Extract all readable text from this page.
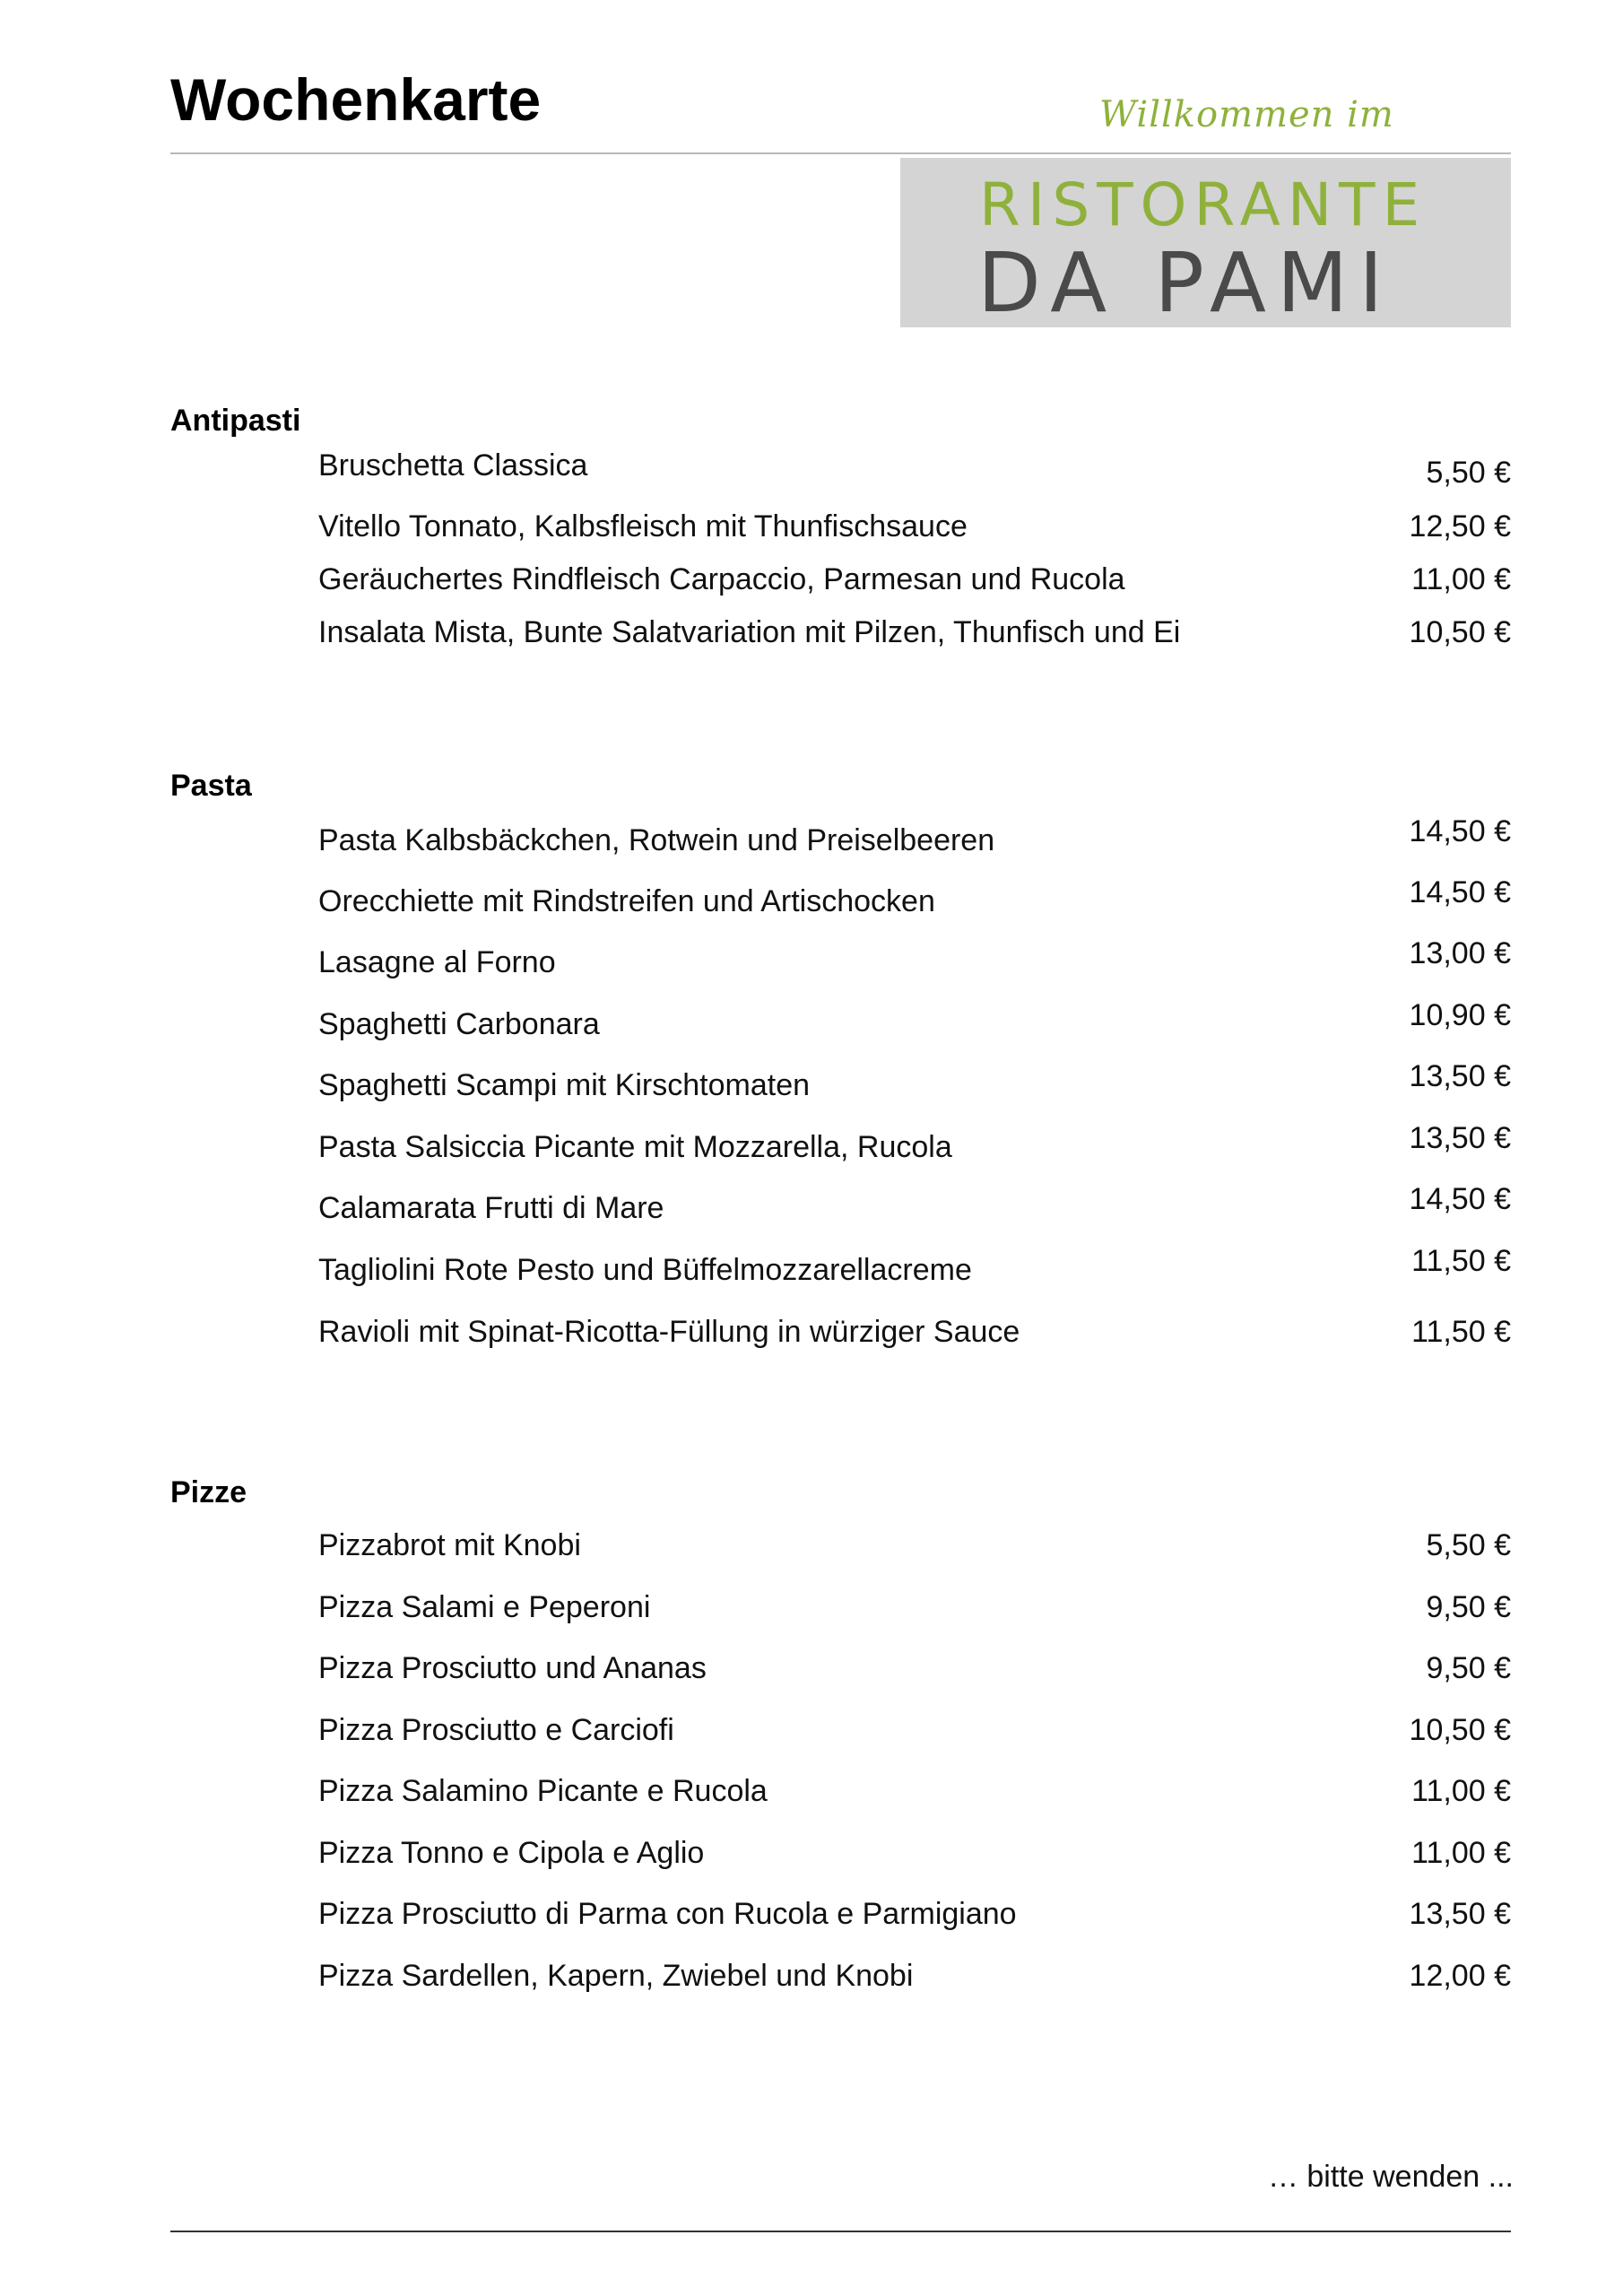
Wochenkarte	Willkommen im
RISTORANTE
DA PAMI
Antipasti
Bruschetta Classica	5,50 €
Vitello Tonnato, Kalbsfleisch mit Thunfischsauce	12,50 €
Geräuchertes Rindfleisch Carpaccio, Parmesan und Rucola	11,00 €
Insalata Mista, Bunte Salatvariation mit Pilzen, Thunfisch und Ei	10,50 €
Pasta
Pasta Kalbsbäckchen, Rotwein und Preiselbeeren	14,50 €
Orecchiette mit Rindstreifen und Artischocken	14,50 €
Lasagne al Forno	13,00 €
Spaghetti Carbonara	10,90 €
Spaghetti Scampi mit Kirschtomaten	13,50 €
Pasta Salsiccia Picante mit Mozzarella, Rucola	13,50 €
Calamarata Frutti di Mare	14,50 €
Tagliolini Rote Pesto und Büffelmozzarellacreme	11,50 €
Ravioli mit Spinat-Ricotta-Füllung in würziger Sauce	11,50 €
Pizze
Pizzabrot mit Knobi	5,50 €
Pizza Salami e Peperoni	9,50 €
Pizza Prosciutto und Ananas	9,50 €
Pizza Prosciutto e Carciofi	10,50 €
Pizza Salamino Picante e Rucola	11,00 €
Pizza Tonno e Cipola e Aglio	11,00 €
Pizza Prosciutto di Parma con Rucola e Parmigiano	13,50 €
Pizza Sardellen, Kapern, Zwiebel und Knobi	12,00 €
… bitte wenden ...
